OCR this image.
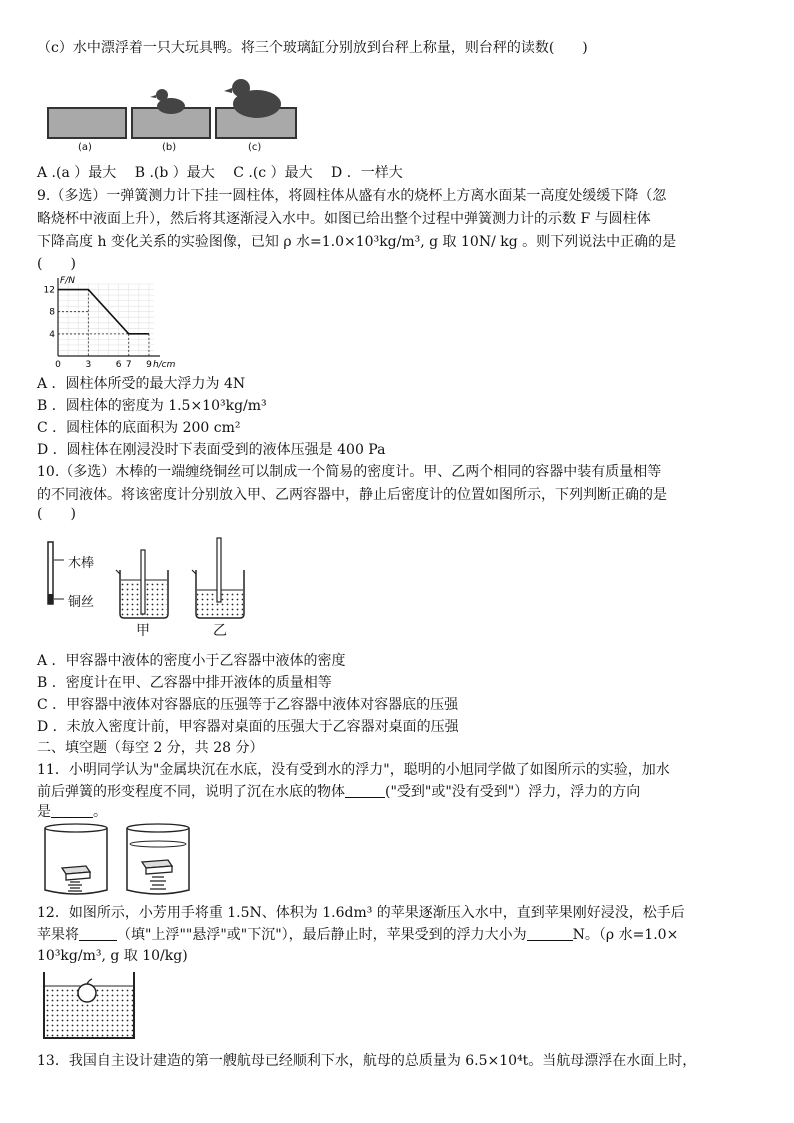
（c）水中漂浮着一只大玩具鸭。将三个玻璃缸分别放到台秤上称量，则台秤的读数(　　)
(a)	(b)	(c)
A .(a ）最大　 B .(b ）最大　 C .(c ）最大　 D ．一样大
9.（多选）一弹簧测力计下挂一圆柱体，将圆柱体从盛有水的烧杯上方离水面某一高度处缓缓下降（忽
略烧杯中液面上升），然后将其逐渐浸入水中。如图已给出整个过程中弹簧测力计的示数 F 与圆柱体
下降高度 h 变化关系的实验图像，已知 ρ 水=1.0×10³kg/m³, g 取 10N/ kg 。则下列说法中正确的是
(　　)
F/N
h/cm
4
8
12
0	3	6 7 9
A ．圆柱体所受的最大浮力为 4N
B ．圆柱体的密度为 1.5×10³kg/m³
C ．圆柱体的底面积为 200 cm²
D ．圆柱体在刚浸没时下表面受到的液体压强是 400 Pa
10.（多选）木棒的一端缠绕铜丝可以制成一个简易的密度计。甲、乙两个相同的容器中装有质量相等
的不同液体。将该密度计分别放入甲、乙两容器中，静止后密度计的位置如图所示，下列判断正确的是
(　　)
木棒
铜丝
甲	乙
A ．甲容器中液体的密度小于乙容器中液体的密度
B ．密度计在甲、乙容器中排开液体的质量相等
C ．甲容器中液体对容器底的压强等于乙容器中液体对容器底的压强
D ．未放入密度计前，甲容器对桌面的压强大于乙容器对桌面的压强
二、填空题（每空 2 分，共 28 分）
11．小明同学认为"金属块沉在水底，没有受到水的浮力"，聪明的小旭同学做了如图所示的实验，加水
前后弹簧的形变程度不同，说明了沉在水底的物体	("受到"或"没有受到"）浮力，浮力的方向
是	。
12．如图所示，小芳用手将重 1.5N、体积为 1.6dm³ 的苹果逐渐压入水中，直到苹果刚好浸没，松手后
苹果将	（填"上浮""悬浮"或"下沉"），最后静止时，苹果受到的浮力大小为	N。（ρ 水=1.0×
10³kg/m³, g 取 10/kg)
13．我国自主设计建造的第一艘航母已经顺利下水，航母的总质量为 6.5×10⁴t。当航母漂浮在水面上时，
